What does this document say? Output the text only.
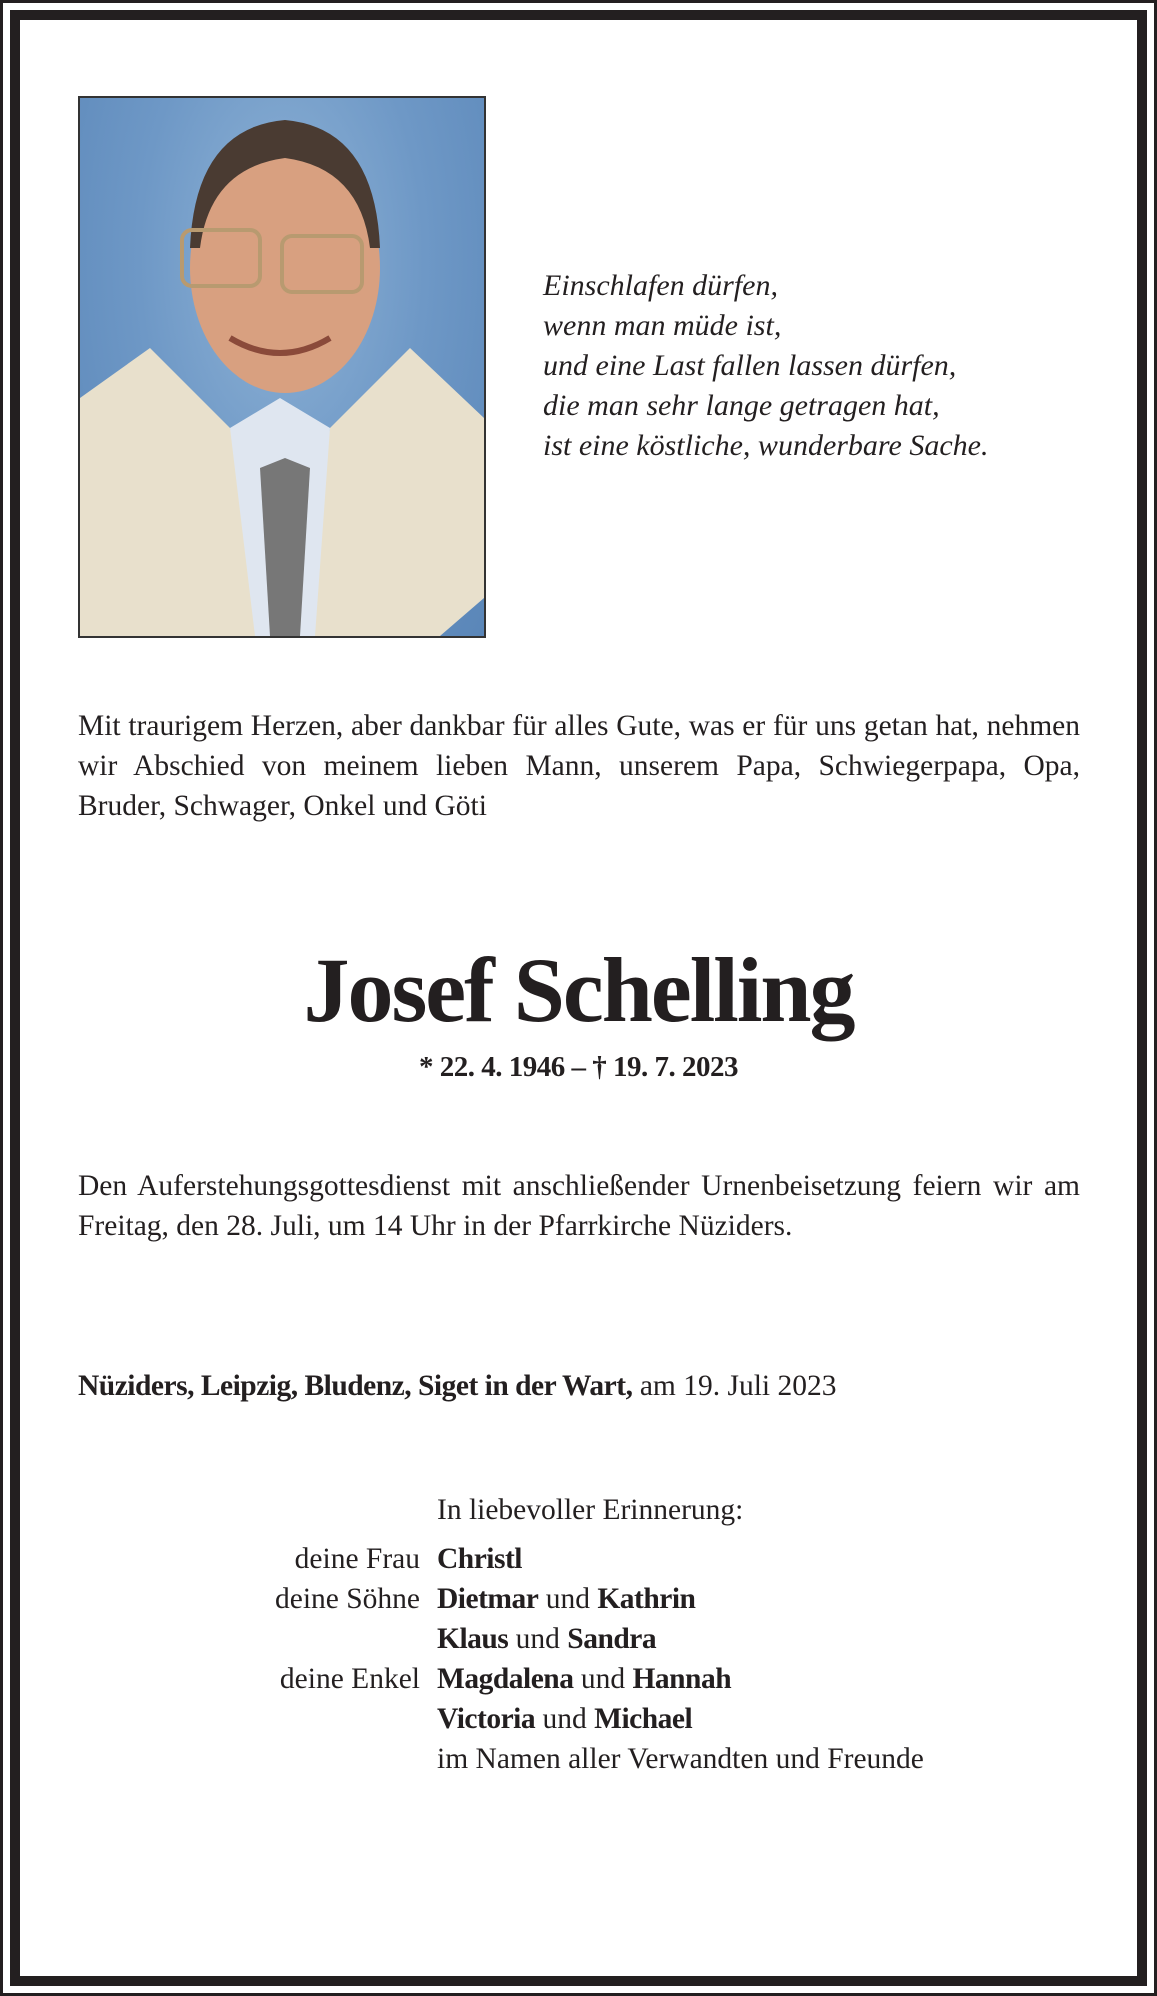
Einschlafen dürfen,
wenn man müde ist,
und eine Last fallen lassen dürfen,
die man sehr lange getragen hat,
ist eine köstliche, wunderbare Sache.
Mit traurigem Herzen, aber dankbar für alles Gute, was er für uns getan hat, nehmen wir Abschied von meinem lieben Mann, unserem Papa, Schwiegerpapa, Opa, Bruder, Schwager, Onkel und Göti
Josef Schelling
* 22. 4. 1946 – † 19. 7. 2023
Den Auferstehungsgottesdienst mit anschließender Urnenbeisetzung feiern wir am Freitag, den 28. Juli, um 14 Uhr in der Pfarrkirche Nüziders.
Nüziders, Leipzig, Bludenz, Siget in der Wart, am 19. Juli 2023
In liebevoller Erinnerung:
deine Frau Christl
deine Söhne Dietmar und Kathrin
Klaus und Sandra
deine Enkel Magdalena und Hannah
Victoria und Michael
im Namen aller Verwandten und Freunde
